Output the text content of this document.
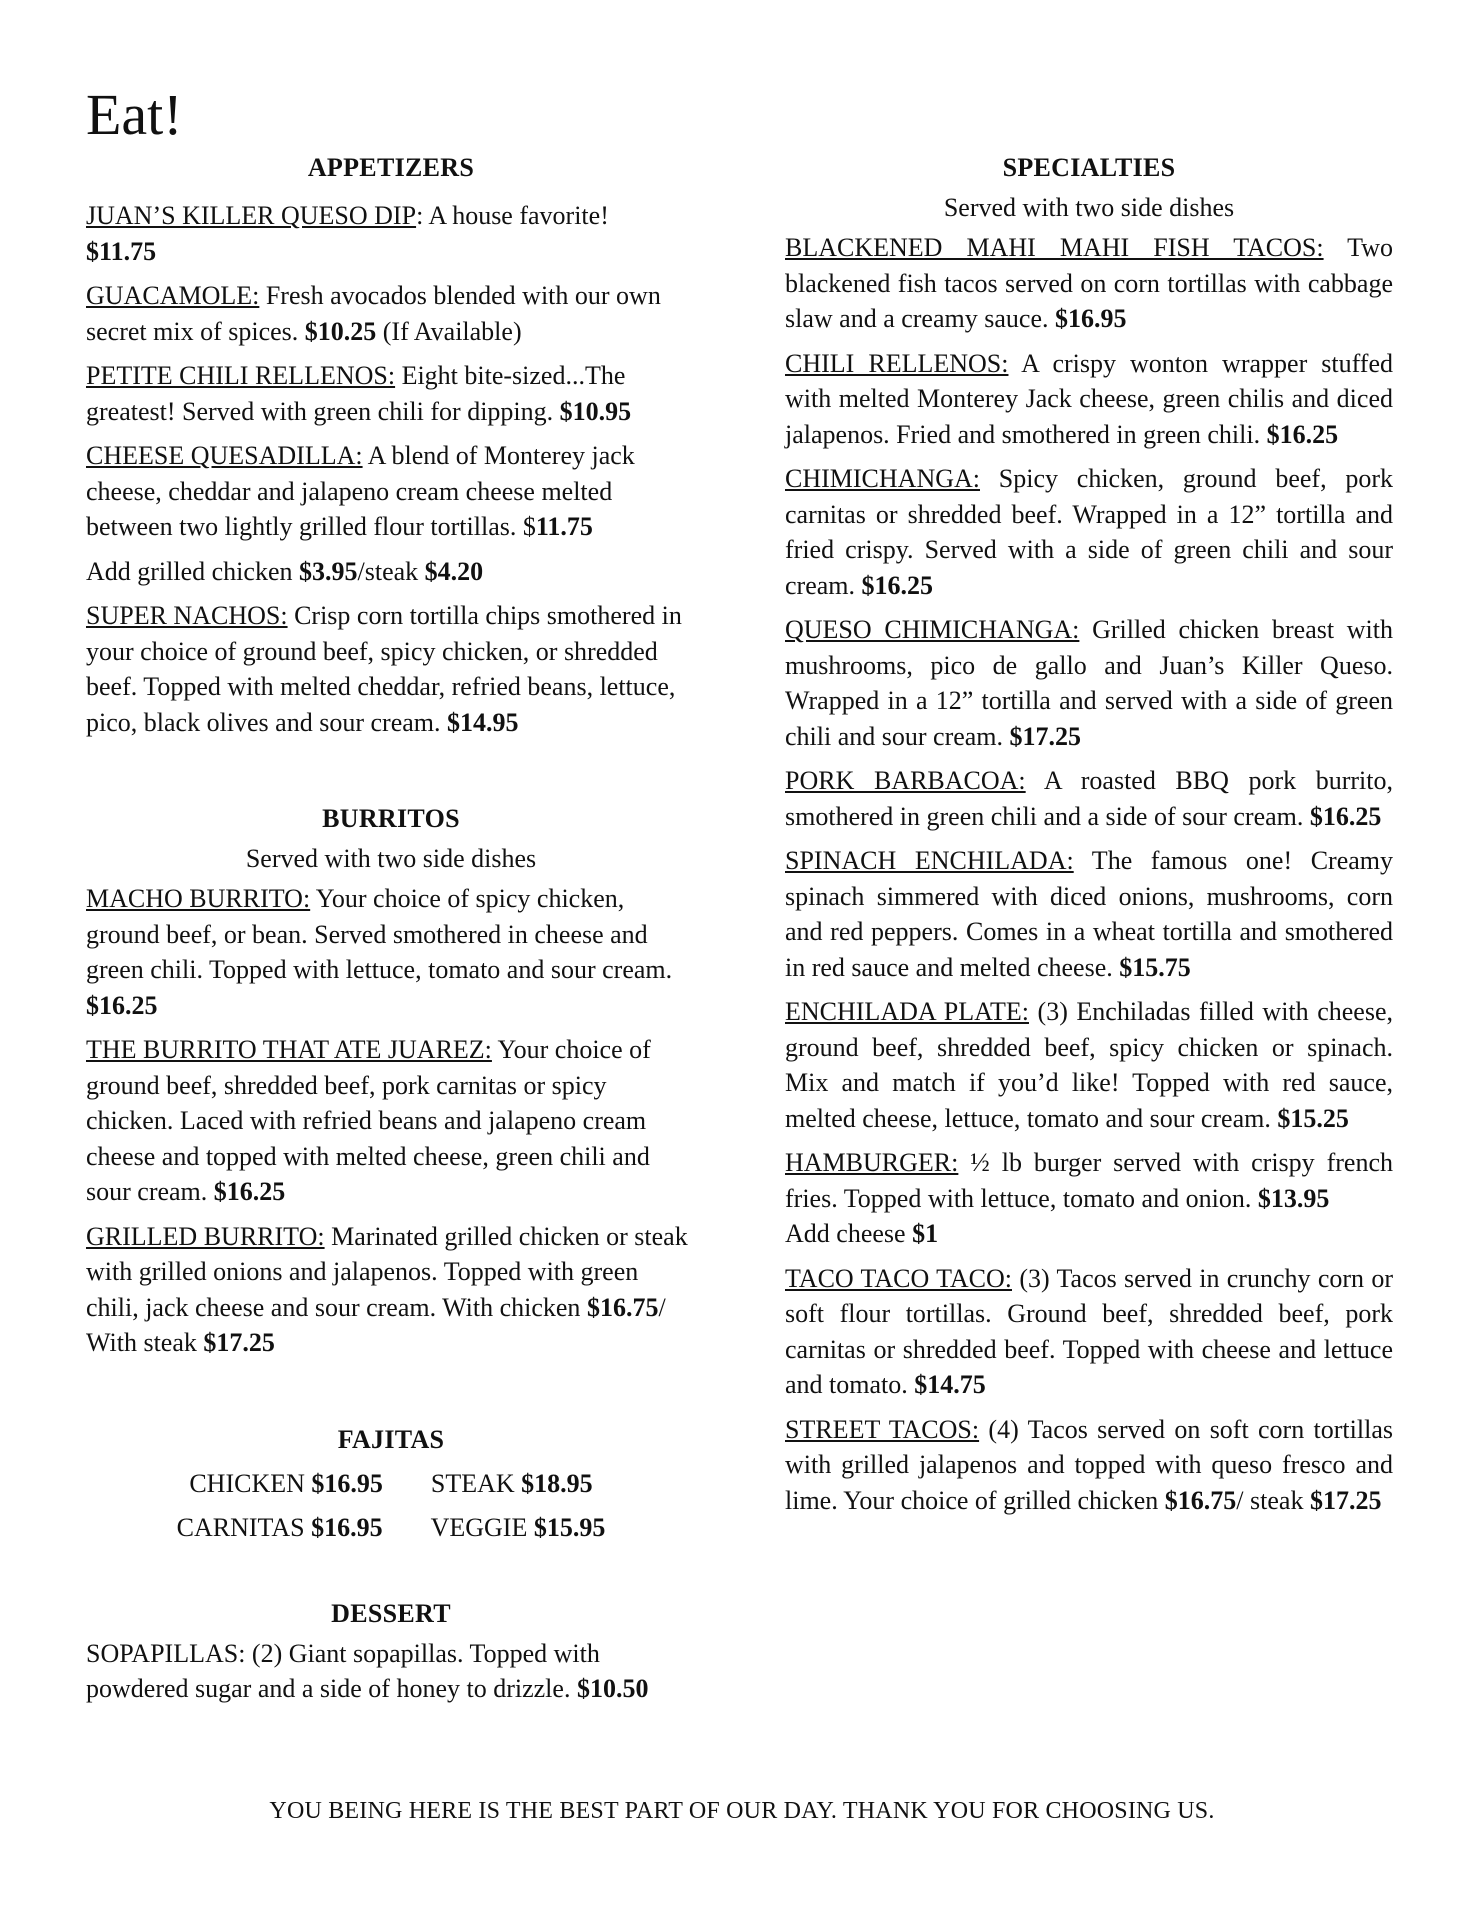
Eat!
APPETIZERS

JUAN’S KILLER QUESO DIP: A house favorite!
$11.75

GUACAMOLE: Fresh avocados blended with our own secret mix of spices. $10.25 (If Available)

PETITE CHILI RELLENOS: Eight bite-sized...The greatest! Served with green chili for dipping. $10.95

CHEESE QUESADILLA: A blend of Monterey jack cheese, cheddar and jalapeno cream cheese melted between two lightly grilled flour tortillas. $11.75

Add grilled chicken $3.95/steak $4.20

SUPER NACHOS: Crisp corn tortilla chips smothered in your choice of ground beef, spicy chicken, or shredded beef. Topped with melted cheddar, refried beans, lettuce, pico, black olives and sour cream. $14.95

BURRITOS
Served with two side dishes

MACHO BURRITO: Your choice of spicy chicken, ground beef, or bean. Served smothered in cheese and green chili. Topped with lettuce, tomato and sour cream. $16.25

THE BURRITO THAT ATE JUAREZ: Your choice of ground beef, shredded beef, pork carnitas or spicy chicken. Laced with refried beans and jalapeno cream cheese and topped with melted cheese, green chili and sour cream. $16.25

GRILLED BURRITO: Marinated grilled chicken or steak with grilled onions and jalapenos. Topped with green chili, jack cheese and sour cream. With chicken $16.75/ With steak $17.25

FAJITAS
CHICKEN $16.95 STEAK $18.95
CARNITAS $16.95 VEGGIE $15.95
DESSERT

SOPAPILLAS: (2) Giant sopapillas. Topped with powdered sugar and a side of honey to drizzle. $10.50

SPECIALTIES
Served with two side dishes

BLACKENED MAHI MAHI FISH TACOS: Two blackened fish tacos served on corn tortillas with cabbage slaw and a creamy sauce. $16.95

CHILI RELLENOS: A crispy wonton wrapper stuffed with melted Monterey Jack cheese, green chilis and diced jalapenos. Fried and smothered in green chili. $16.25

CHIMICHANGA: Spicy chicken, ground beef, pork carnitas or shredded beef. Wrapped in a 12” tortilla and fried crispy. Served with a side of green chili and sour cream. $16.25

QUESO CHIMICHANGA: Grilled chicken breast with mushrooms, pico de gallo and Juan’s Killer Queso. Wrapped in a 12” tortilla and served with a side of green chili and sour cream. $17.25

PORK BARBACOA: A roasted BBQ pork burrito, smothered in green chili and a side of sour cream. $16.25

SPINACH ENCHILADA: The famous one! Creamy spinach simmered with diced onions, mushrooms, corn and red peppers. Comes in a wheat tortilla and smothered in red sauce and melted cheese. $15.75

ENCHILADA PLATE: (3) Enchiladas filled with cheese, ground beef, shredded beef, spicy chicken or spinach. Mix and match if you’d like! Topped with red sauce, melted cheese, lettuce, tomato and sour cream. $15.25

HAMBURGER: ½ lb burger served with crispy french fries. Topped with lettuce, tomato and onion. $13.95
Add cheese $1

TACO TACO TACO: (3) Tacos served in crunchy corn or soft flour tortillas. Ground beef, shredded beef, pork carnitas or shredded beef. Topped with cheese and lettuce and tomato. $14.75

STREET TACOS: (4) Tacos served on soft corn tortillas with grilled jalapenos and topped with queso fresco and lime. Your choice of grilled chicken $16.75/ steak $17.25

YOU BEING HERE IS THE BEST PART OF OUR DAY. THANK YOU FOR CHOOSING US.
